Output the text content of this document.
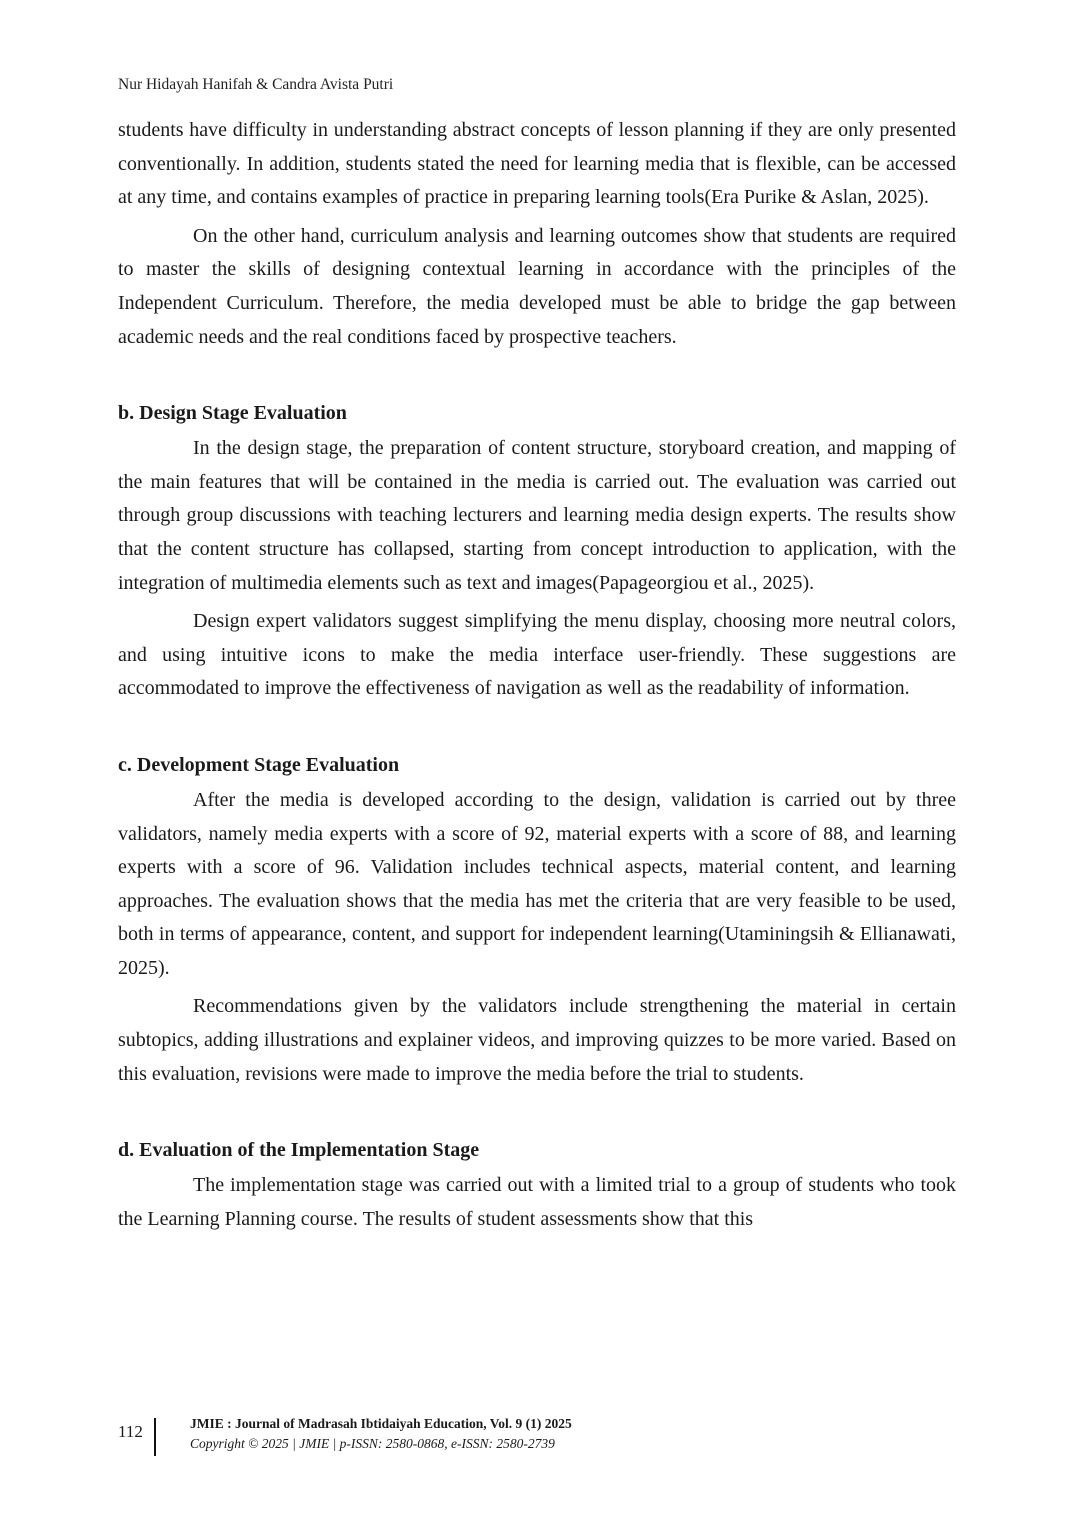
Nur Hidayah Hanifah & Candra Avista Putri

students have difficulty in understanding abstract concepts of lesson planning if they are only presented conventionally. In addition, students stated the need for learning media that is flexible, can be accessed at any time, and contains examples of practice in preparing learning tools(Era Purike & Aslan, 2025).

On the other hand, curriculum analysis and learning outcomes show that students are required to master the skills of designing contextual learning in accordance with the principles of the Independent Curriculum. Therefore, the media developed must be able to bridge the gap between academic needs and the real conditions faced by prospective teachers.

b. Design Stage Evaluation

In the design stage, the preparation of content structure, storyboard creation, and mapping of the main features that will be contained in the media is carried out. The evaluation was carried out through group discussions with teaching lecturers and learning media design experts. The results show that the content structure has collapsed, starting from concept introduction to application, with the integration of multimedia elements such as text and images(Papageorgiou et al., 2025).

Design expert validators suggest simplifying the menu display, choosing more neutral colors, and using intuitive icons to make the media interface user-friendly. These suggestions are accommodated to improve the effectiveness of navigation as well as the readability of information.

c. Development Stage Evaluation

After the media is developed according to the design, validation is carried out by three validators, namely media experts with a score of 92, material experts with a score of 88, and learning experts with a score of 96. Validation includes technical aspects, material content, and learning approaches. The evaluation shows that the media has met the criteria that are very feasible to be used, both in terms of appearance, content, and support for independent learning(Utaminingsih & Ellianawati, 2025).

Recommendations given by the validators include strengthening the material in certain subtopics, adding illustrations and explainer videos, and improving quizzes to be more varied. Based on this evaluation, revisions were made to improve the media before the trial to students.

d. Evaluation of the Implementation Stage

The implementation stage was carried out with a limited trial to a group of students who took the Learning Planning course. The results of student assessments show that this

112	JMIE : Journal of Madrasah Ibtidaiyah Education, Vol. 9 (1) 2025
Copyright © 2025 | JMIE | p-ISSN: 2580-0868, e-ISSN: 2580-2739
